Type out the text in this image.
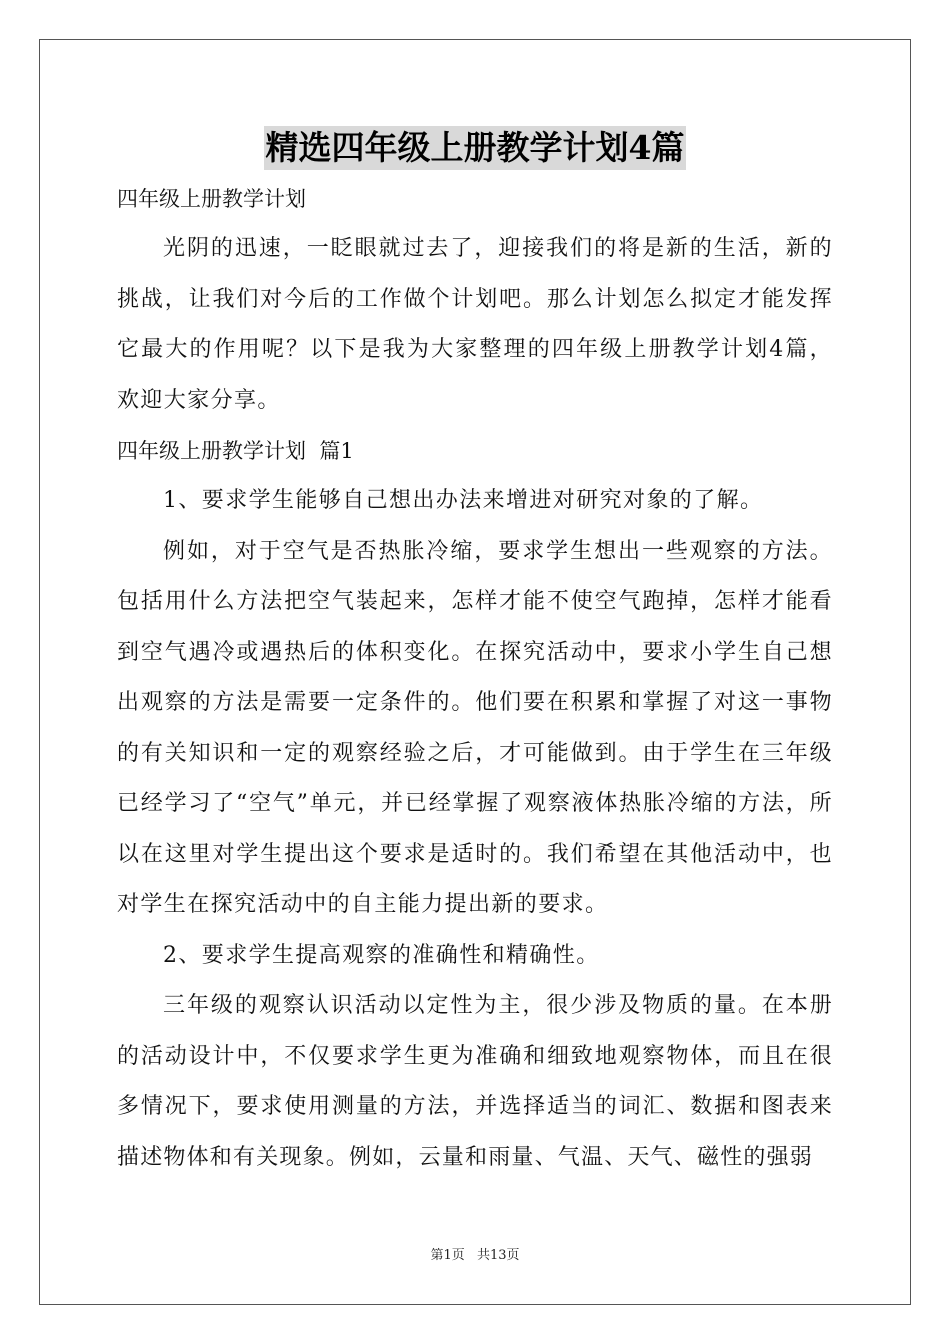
精选四年级上册教学计划4篇
四年级上册教学计划

光阴的迅速，一眨眼就过去了，迎接我们的将是新的生活，新的挑战，让我们对今后的工作做个计划吧。那么计划怎么拟定才能发挥它最大的作用呢？以下是我为大家整理的四年级上册教学计划4篇，欢迎大家分享。

四年级上册教学计划  篇1

1、要求学生能够自己想出办法来增进对研究对象的了解。

例如，对于空气是否热胀冷缩，要求学生想出一些观察的方法。包括用什么方法把空气装起来，怎样才能不使空气跑掉，怎样才能看到空气遇冷或遇热后的体积变化。在探究活动中，要求小学生自己想出观察的方法是需要一定条件的。他们要在积累和掌握了对这一事物的有关知识和一定的观察经验之后，才可能做到。由于学生在三年级已经学习了“空气”单元，并已经掌握了观察液体热胀冷缩的方法，所以在这里对学生提出这个要求是适时的。我们希望在其他活动中，也对学生在探究活动中的自主能力提出新的要求。

2、要求学生提高观察的准确性和精确性。

三年级的观察认识活动以定性为主，很少涉及物质的量。在本册的活动设计中，不仅要求学生更为准确和细致地观察物体，而且在很多情况下，要求使用测量的方法，并选择适当的词汇、数据和图表来描述物体和有关现象。例如，云量和雨量、气温、天气、磁性的强弱

第1页 共13页
